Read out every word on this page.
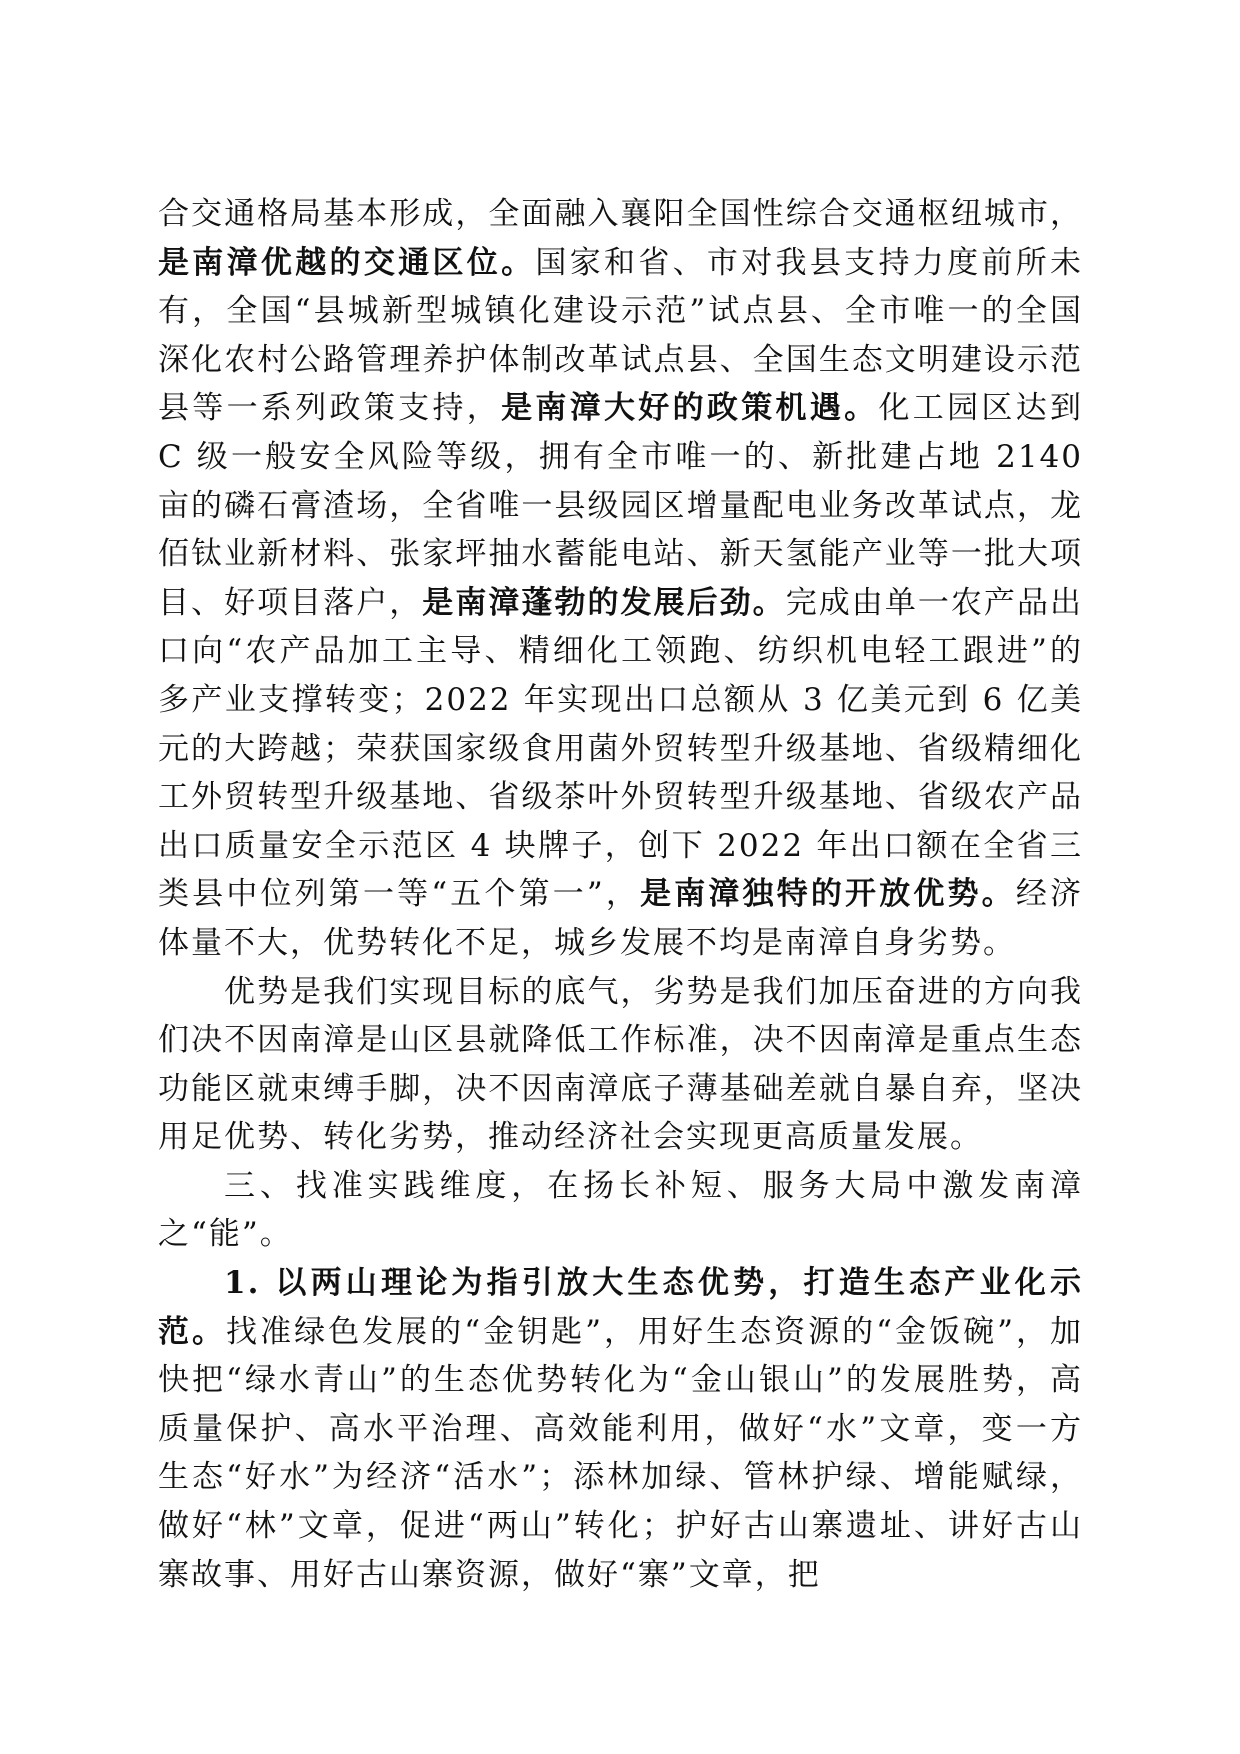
合交通格局基本形成，全面融入襄阳全国性综合交通枢纽城市，是南漳优越的交通区位。国家和省、市对我县支持力度前所未有，全国“县城新型城镇化建设示范”试点县、全市唯一的全国深化农村公路管理养护体制改革试点县、全国生态文明建设示范县等一系列政策支持，是南漳大好的政策机遇。化工园区达到 C 级一般安全风险等级，拥有全市唯一的、新批建占地 2140 亩的磷石膏渣场，全省唯一县级园区增量配电业务改革试点，龙佰钛业新材料、张家坪抽水蓄能电站、新天氢能产业等一批大项目、好项目落户，是南漳蓬勃的发展后劲。完成由单一农产品出口向“农产品加工主导、精细化工领跑、纺织机电轻工跟进”的多产业支撑转变；2022 年实现出口总额从 3 亿美元到 6 亿美元的大跨越；荣获国家级食用菌外贸转型升级基地、省级精细化工外贸转型升级基地、省级茶叶外贸转型升级基地、省级农产品出口质量安全示范区 4 块牌子，创下 2022 年出口额在全省三类县中位列第一等“五个第一”，是南漳独特的开放优势。经济体量不大，优势转化不足，城乡发展不均是南漳自身劣势。

优势是我们实现目标的底气，劣势是我们加压奋进的方向我们决不因南漳是山区县就降低工作标准，决不因南漳是重点生态功能区就束缚手脚，决不因南漳底子薄基础差就自暴自弃，坚决用足优势、转化劣势，推动经济社会实现更高质量发展。

三、找准实践维度，在扬长补短、服务大局中激发南漳之“能”。

1. 以两山理论为指引放大生态优势，打造生态产业化示范。找准绿色发展的“金钥匙”，用好生态资源的“金饭碗”，加快把“绿水青山”的生态优势转化为“金山银山”的发展胜势，高质量保护、高水平治理、高效能利用，做好“水”文章，变一方生态“好水”为经济“活水”；添林加绿、管林护绿、增能赋绿，做好“林”文章，促进“两山”转化；护好古山寨遗址、讲好古山寨故事、用好古山寨资源，做好“寨”文章，把
